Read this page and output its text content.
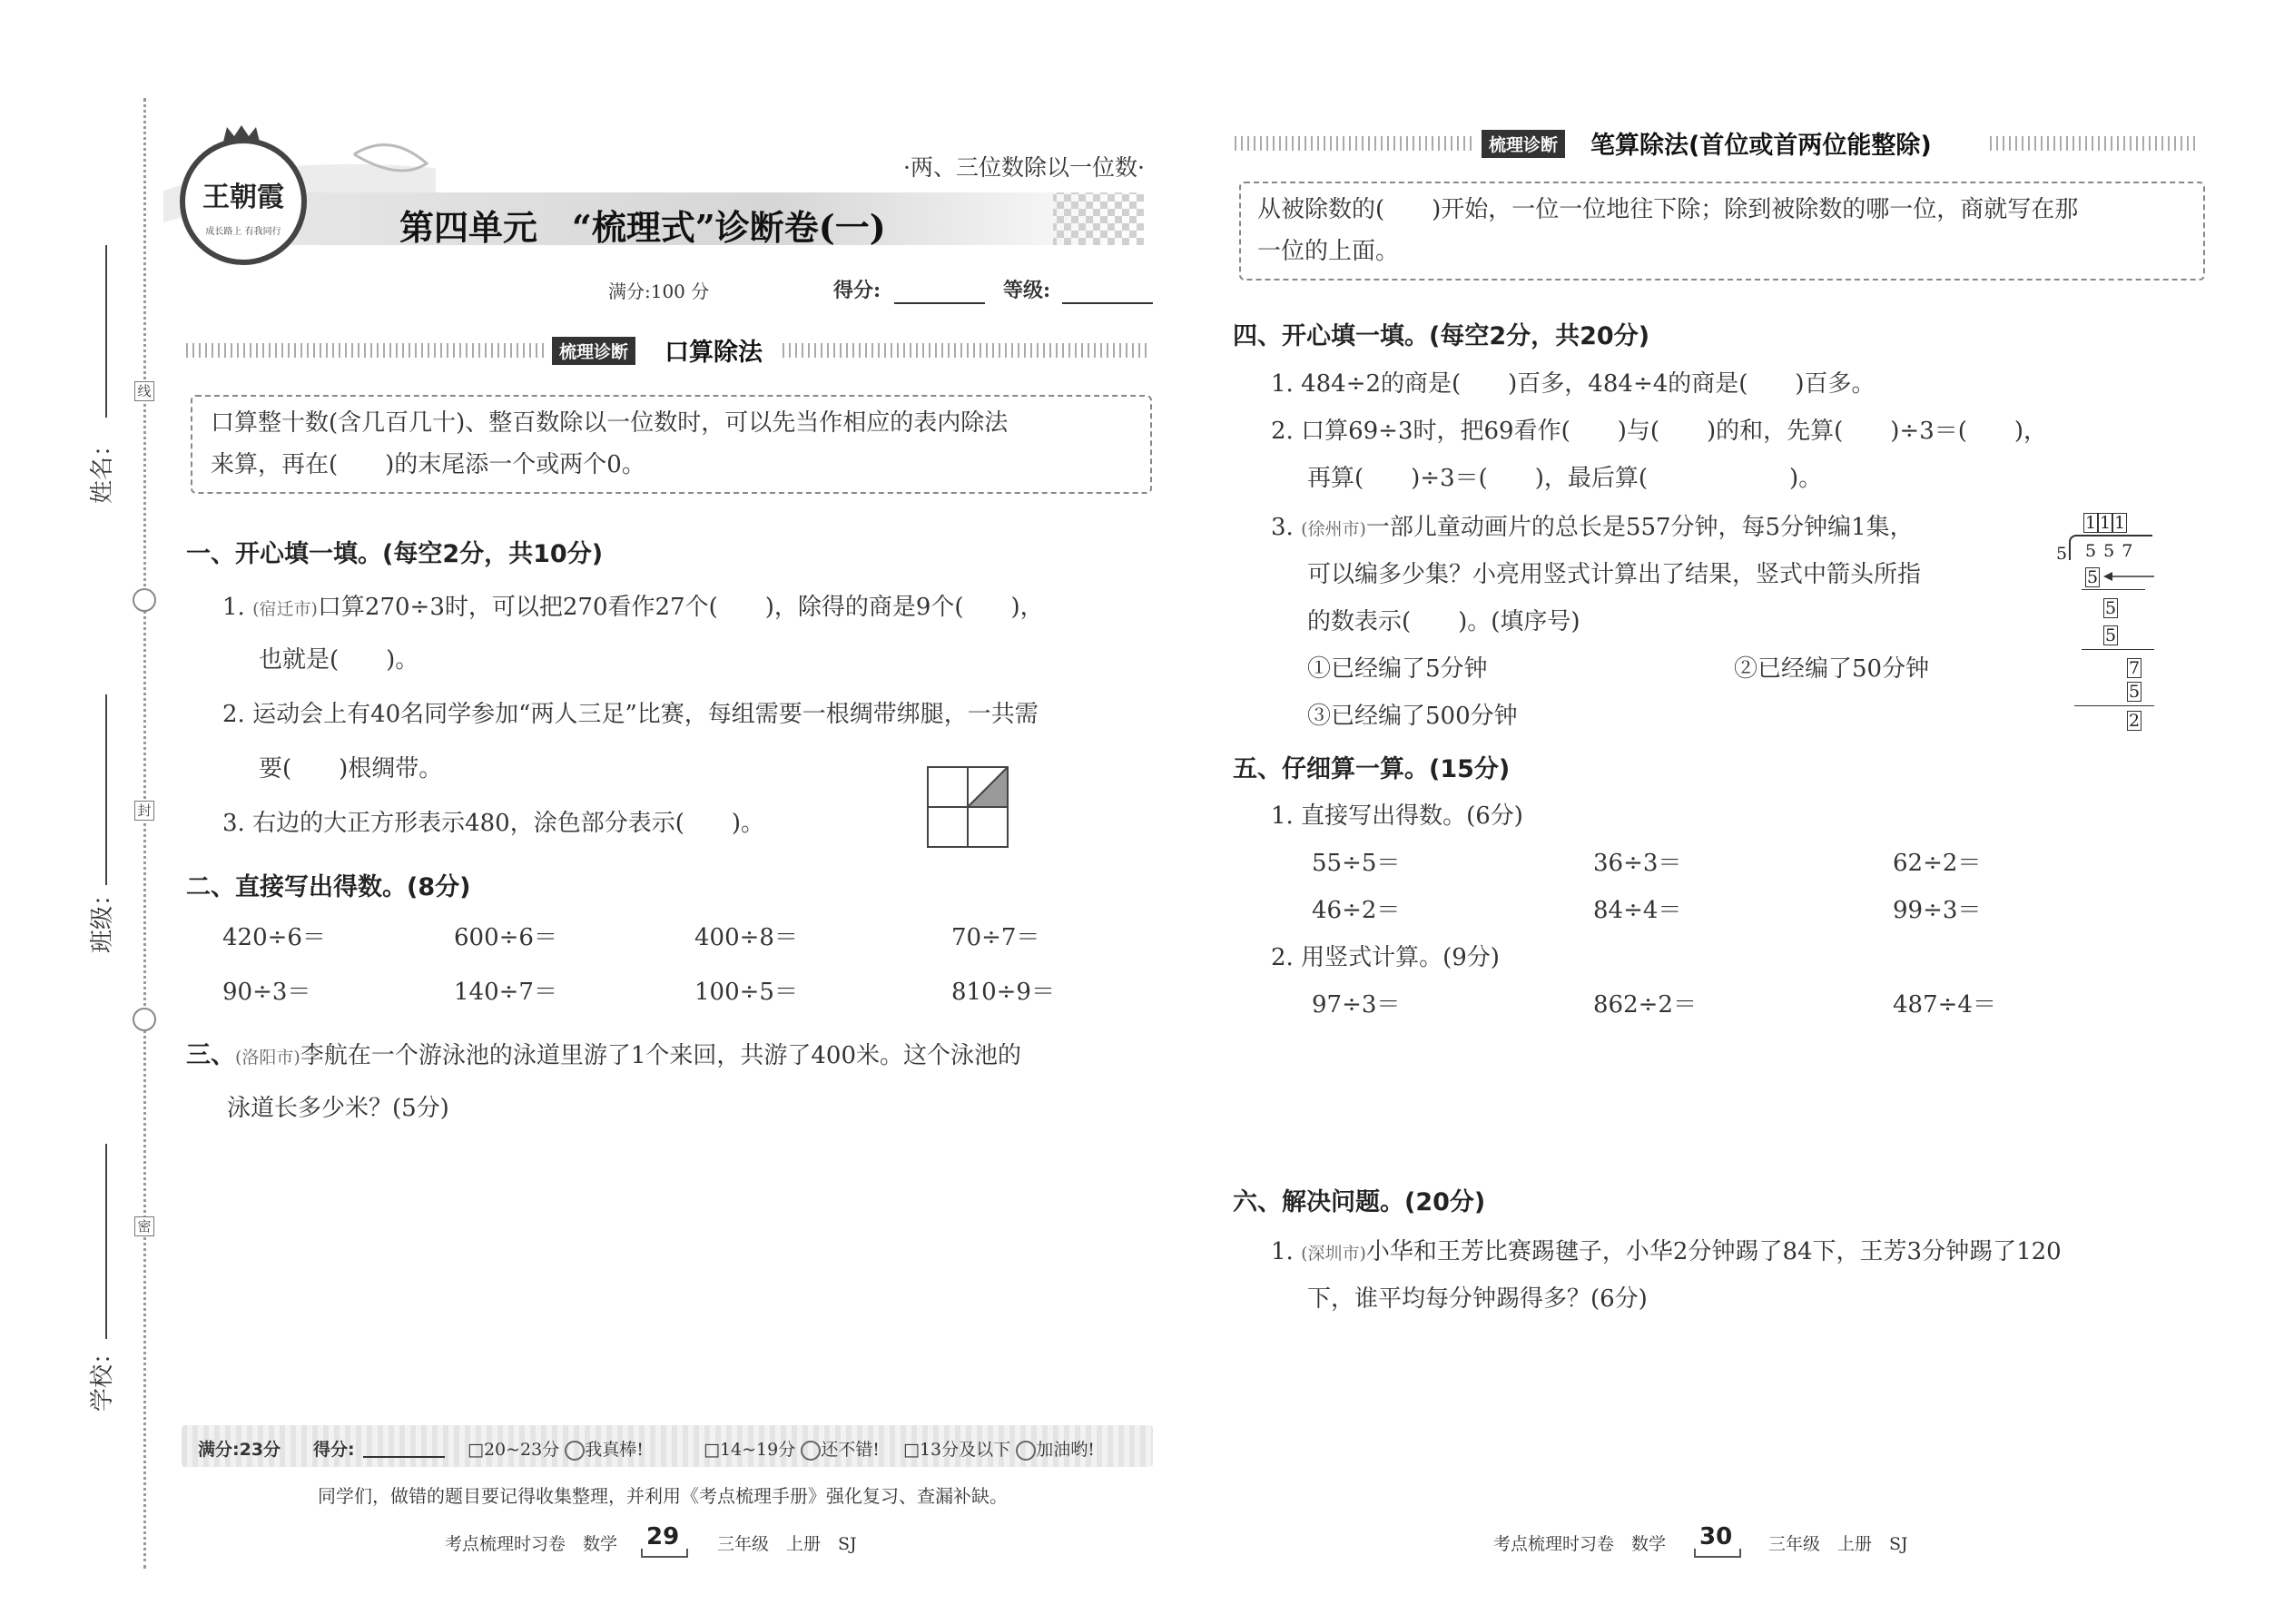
姓名：
线
班级：
封
学校：
密
王朝霞
成长路上 有我同行
·两、三位数除以一位数·
第四单元　“梳理式”诊断卷(一)
满分:100 分	得分:	等级:
梳理诊断 口算除法
口算整十数(含几百几十)、整百数除以一位数时，可以先当作相应的表内除法
来算，再在(　　)的末尾添一个或两个0。
一、开心填一填。(每空2分，共10分)
1. (宿迁市)口算270÷3时，可以把270看作27个(　　)，除得的商是9个(　　)，
也就是(　　)。
2. 运动会上有40名同学参加“两人三足”比赛，每组需要一根绸带绑腿，一共需
要(　　)根绸带。
3. 右边的大正方形表示480，涂色部分表示(　　)。
二、直接写出得数。(8分)
420÷6＝	600÷6＝	400÷8＝	70÷7＝
90÷3＝	140÷7＝	100÷5＝	810÷9＝
三、(洛阳市)李航在一个游泳池的泳道里游了1个来回，共游了400米。这个泳池的
泳道长多少米？(5分)
满分:23分 得分:	□20~23分 我真棒!	□14~19分 还不错! □13分及以下 加油哟!
同学们，做错的题目要记得收集整理，并利用《考点梳理手册》强化复习、查漏补缺。
考点梳理时习卷　数学 29 三年级　上册　SJ
梳理诊断 笔算除法(首位或首两位能整除)
从被除数的(　　)开始，一位一位地往下除；除到被除数的哪一位，商就写在那
一位的上面。
四、开心填一填。(每空2分，共20分)
1. 484÷2的商是(　　)百多，484÷4的商是(　　)百多。
2. 口算69÷3时，把69看作(　　)与(　　)的和，先算(　　)÷3＝(　　)，
再算(　　)÷3＝(　　)，最后算(　　　　　　)。
3. (徐州市)一部儿童动画片的总长是557分钟，每5分钟编1集，
可以编多少集？小亮用竖式计算出了结果，竖式中箭头所指
的数表示(　　)。(填序号)
①已经编了5分钟	②已经编了50分钟
③已经编了500分钟
1 1 1
5 5 5 7
5
5
5
7
5
2
五、仔细算一算。(15分)
1. 直接写出得数。(6分)
55÷5＝	36÷3＝	62÷2＝
46÷2＝	84÷4＝	99÷3＝
2. 用竖式计算。(9分)
97÷3＝	862÷2＝	487÷4＝
六、解决问题。(20分)
1. (深圳市)小华和王芳比赛踢毽子，小华2分钟踢了84下，王芳3分钟踢了120
下，谁平均每分钟踢得多？(6分)
考点梳理时习卷　数学 30 三年级　上册　SJ
